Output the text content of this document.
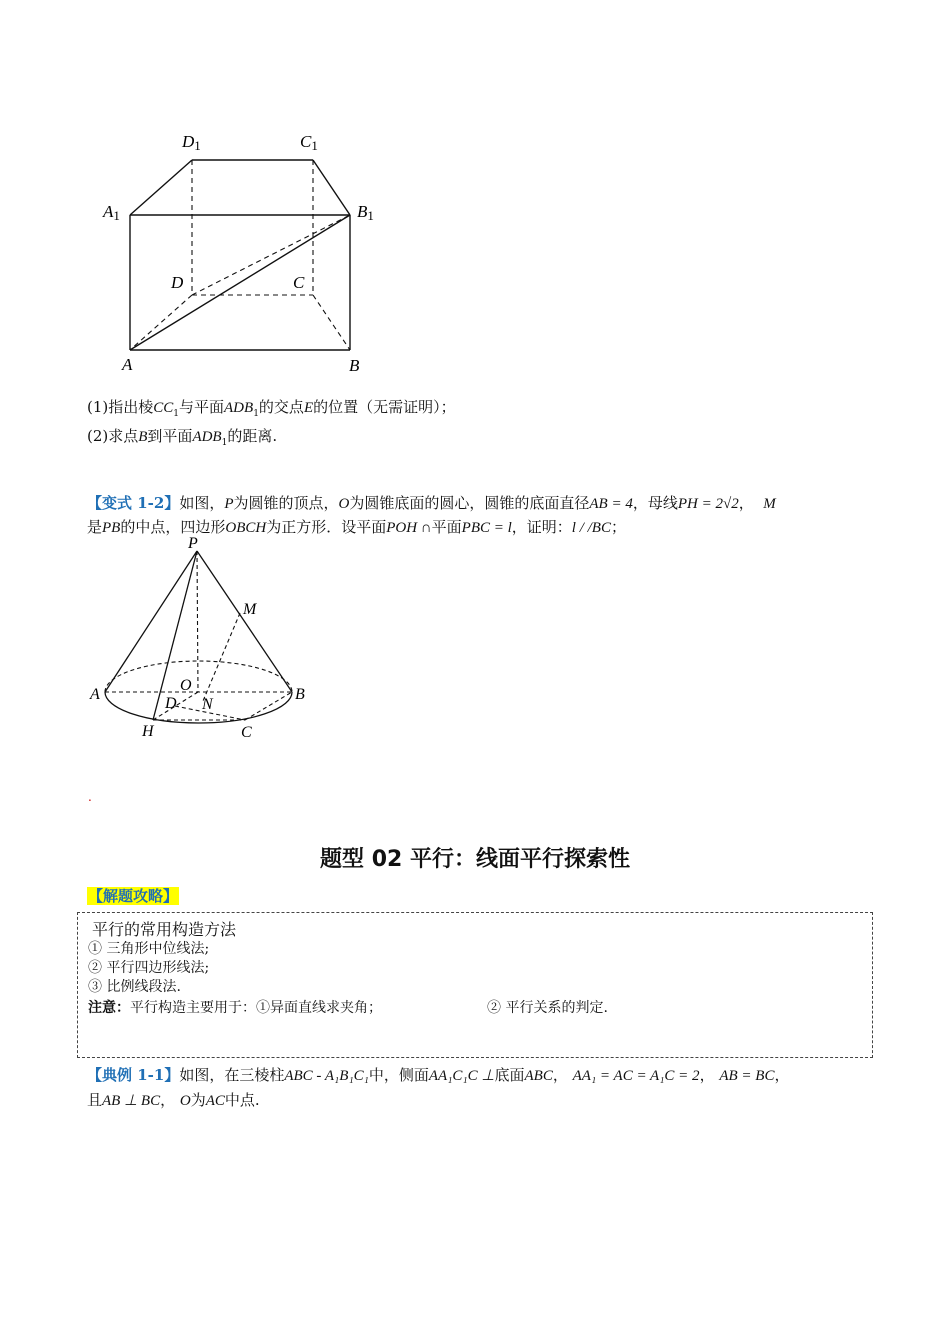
D1	C1
A1	B1
D	C
A	B
(1)指出棱$CC_1$与平面$ADB_1$的交点E的位置（无需证明）；
(2)求点B到平面$ADB_1$的距离.
【变式 1-2】如图，P为圆锥的顶点，O为圆锥底面的圆心，圆锥的底面直径AB = 4，母线PH = 2√2， M
是PB的中点，四边形OBCH为正方形．设平面POH ∩平面PBC = l，证明：l / /BC；
P
M
A	B
O
D N
H	C
.
题型 02 平行：线面平行探索性
【解题攻略】
平行的常用构造方法
① 三角形中位线法;
② 平行四边形线法;
③ 比例线段法.
注意：平行构造主要用于：①异面直线求夹角；	② 平行关系的判定.
【典例 1-1】如图，在三棱柱ABC - A₁B₁C₁中，侧面AA₁C₁C ⊥底面ABC， AA₁ = AC = A₁C = 2， AB = BC，
且AB ⊥ BC， O为AC中点.
